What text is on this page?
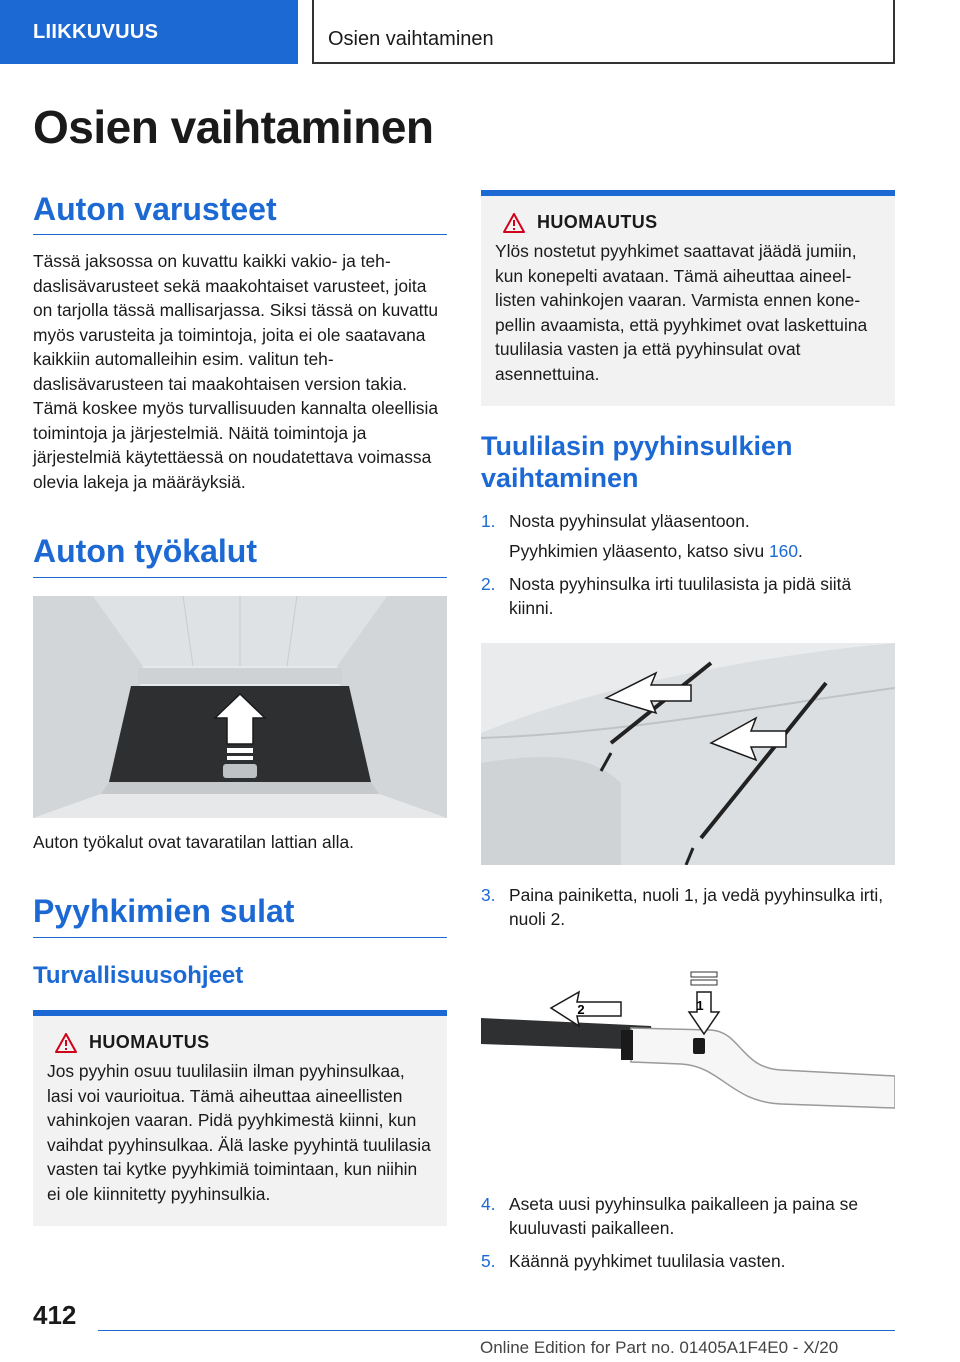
LIIKKUVUUS	Osien vaihtaminen
Osien vaihtaminen
Auton varusteet

Tässä jaksossa on kuvattu kaikki vakio- ja tehdaslisävarusteet sekä maakohtaiset varusteet, joita on tarjolla tässä mallisarjassa. Siksi tässä on kuvattu myös varusteita ja toimintoja, joita ei ole saatavana kaikkiin automalleihin esim. valitun tehdaslisävarusteen tai maakohtaisen version takia. Tämä koskee myös turvallisuuden kannalta oleellisia toimintoja ja järjestelmiä. Näitä toimintoja ja järjestelmiä käytettäessä on noudatettava voimassa olevia lakeja ja määräyksiä.

Auton työkalut

Auton työkalut ovat tavaratilan lattian alla.

Pyyhkimien sulat
Turvallisuusohjeet
HUOMAUTUS

Jos pyyhin osuu tuulilasiin ilman pyyhinsulkaa, lasi voi vaurioitua. Tämä aiheuttaa aineellisten vahinkojen vaaran. Pidä pyyhkimestä kiinni, kun vaihdat pyyhinsulkaa. Älä laske pyyhintä tuulilasia vasten tai kytke pyyhkimiä toimintaan, kun niihin ei ole kiinnitetty pyyhinsulkia.

HUOMAUTUS

Ylös nostetut pyyhkimet saattavat jäädä jumiin, kun konepelti avataan. Tämä aiheuttaa aineellisten vahinkojen vaaran. Varmista ennen konepellin avaamista, että pyyhkimet ovat laskettuina tuulilasia vasten ja että pyyhinsulat ovat asennettuina.

Tuulilasin pyyhinsulkien vaihtaminen
1. Nosta pyyhinsulat yläasentoon.
Pyyhkimien yläasento, katso sivu 160.
2. Nosta pyyhinsulka irti tuulilasista ja pidä siitä kiinni.
3. Paina painiketta, nuoli 1, ja vedä pyyhinsulka irti, nuoli 2.
1
2
4. Aseta uusi pyyhinsulka paikalleen ja paina se kuuluvasti paikalleen.
5. Käännä pyyhkimet tuulilasia vasten.
412
Online Edition for Part no. 01405A1F4E0 - X/20
